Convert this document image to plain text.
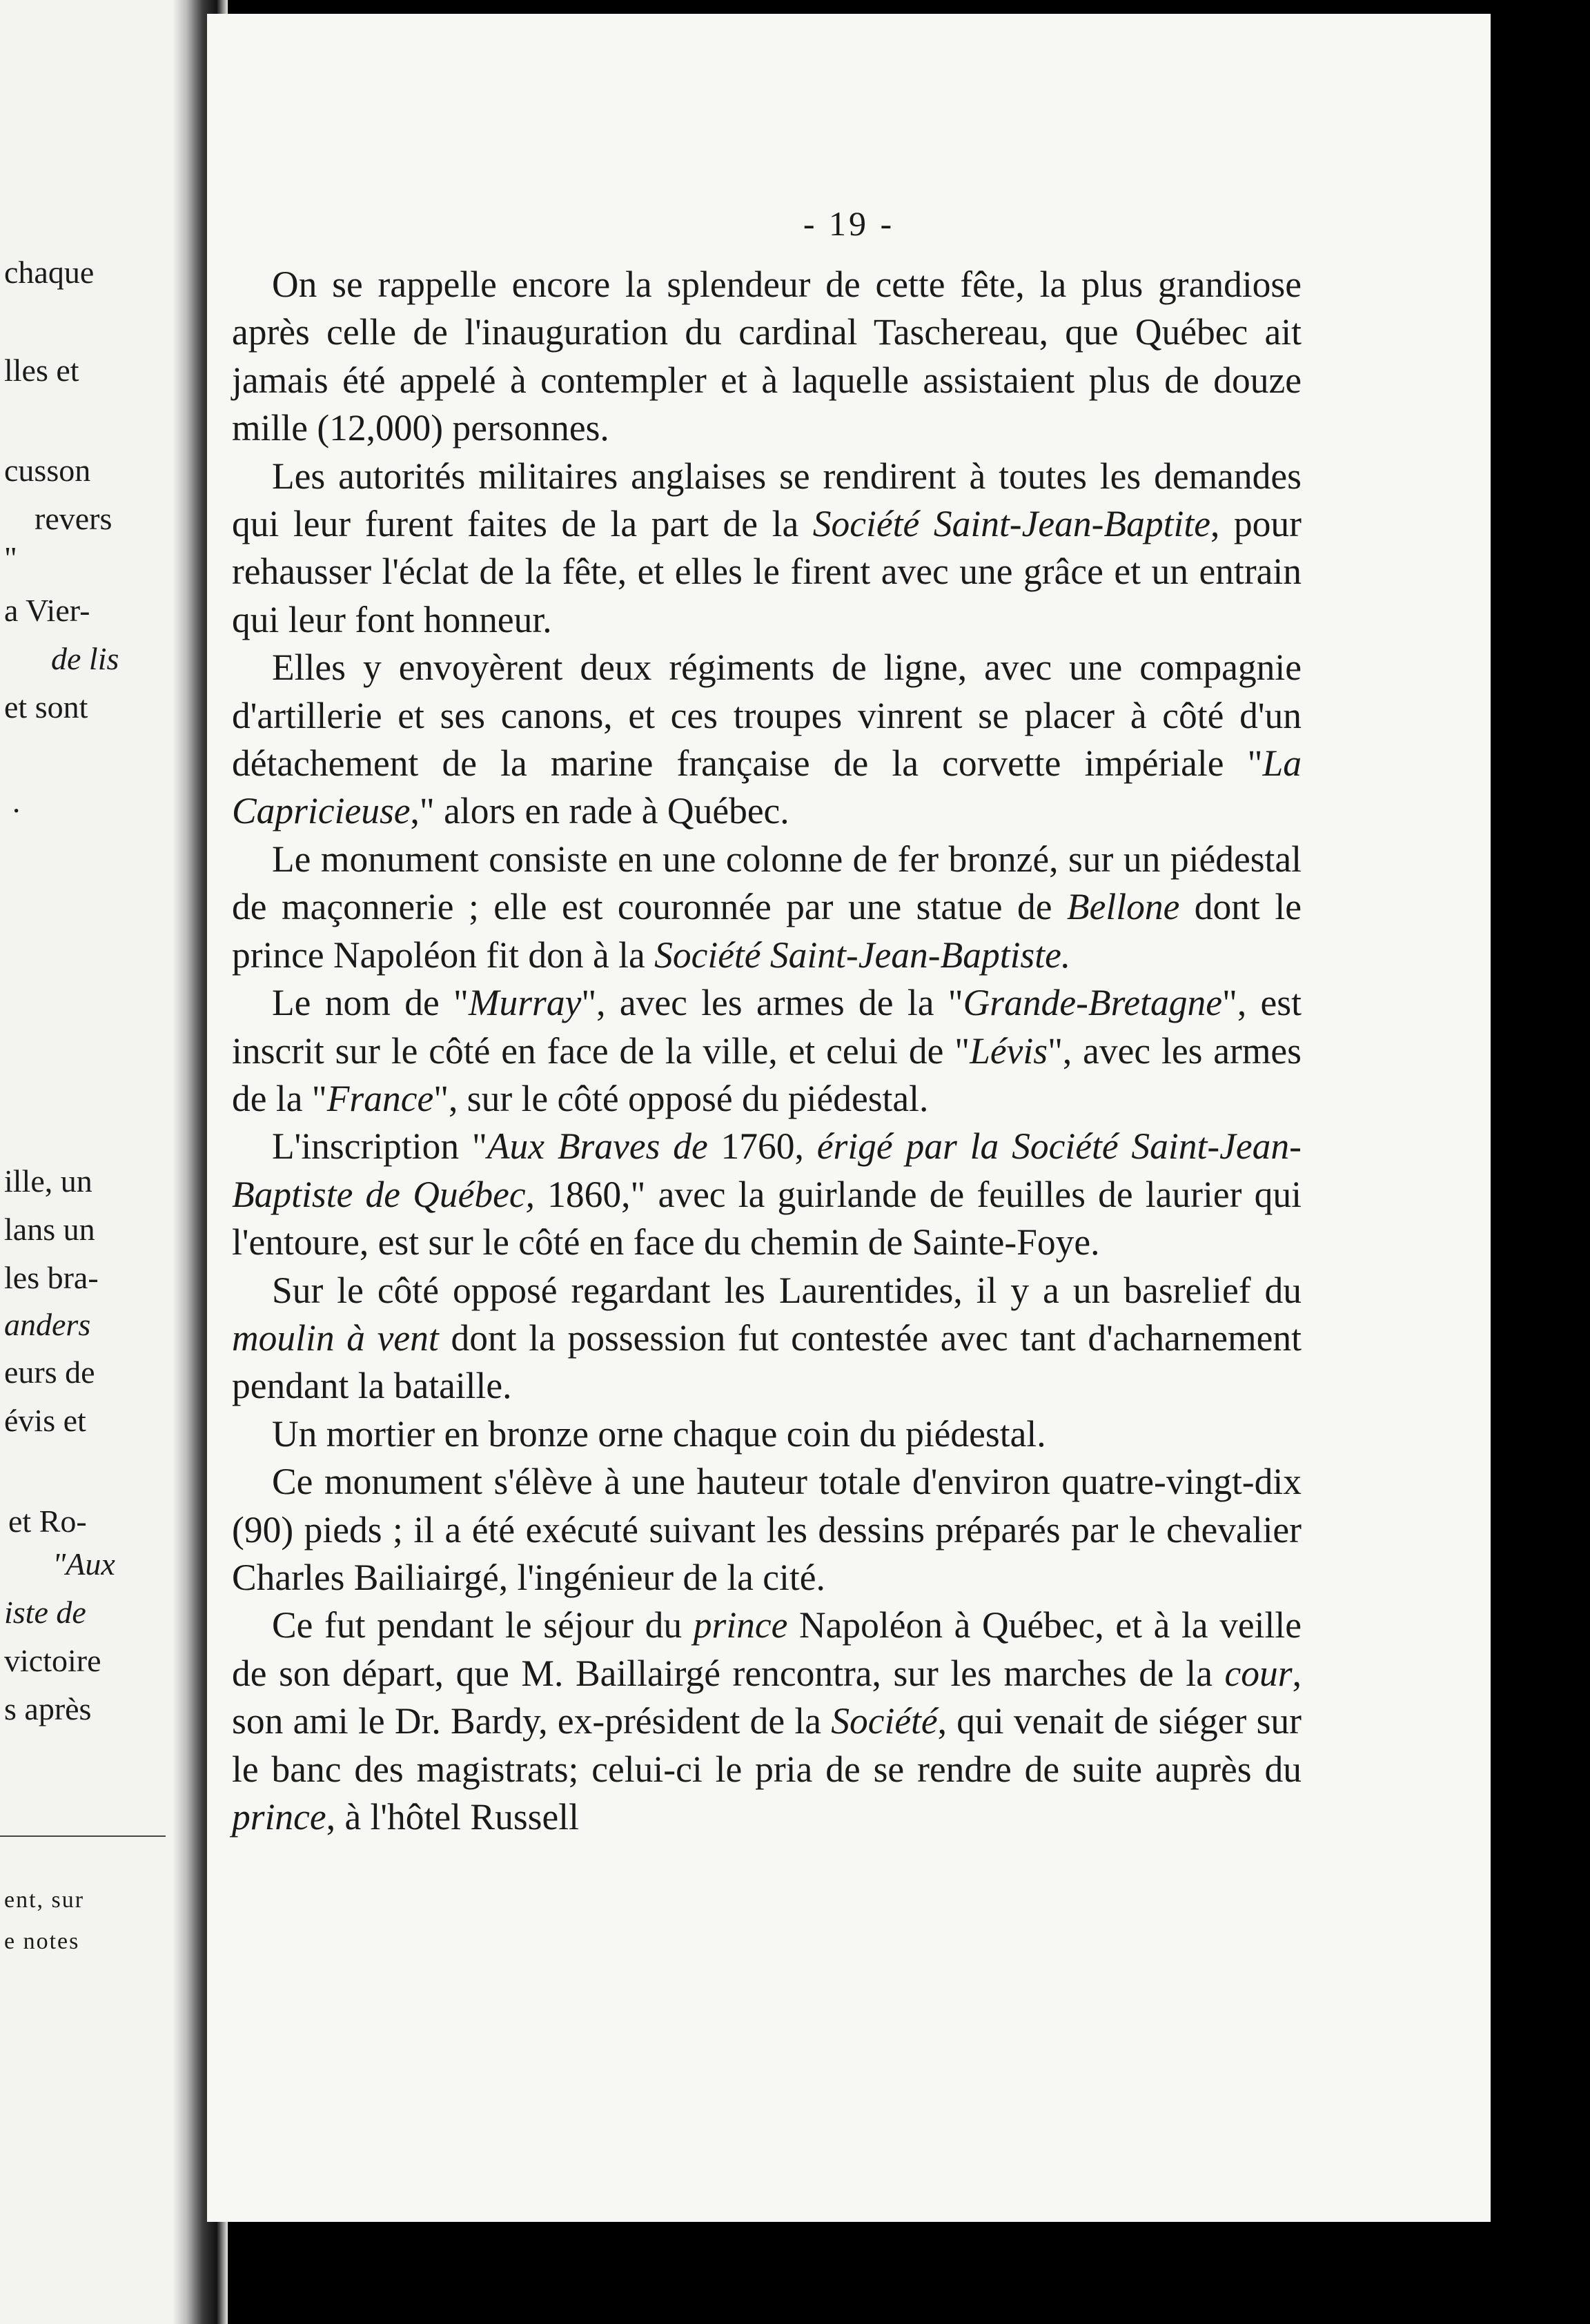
chaque
lles et
cusson
revers
"
a Vier-
de lis
et sont
·
ille, un
lans un
les bra-
anders
eurs de
évis et
et Ro-
"Aux
iste de
victoire
s après
ent, sur
e notes
- 19 -

On se rappelle encore la splendeur de cette fête, la plus grandiose après celle de l'inauguration du cardinal Taschereau, que Québec ait jamais été appelé à contempler et à laquelle assistaient plus de douze mille (12,000) personnes.

Les autorités militaires anglaises se rendirent à toutes les demandes qui leur furent faites de la part de la Société Saint-Jean-Baptite, pour rehausser l'éclat de la fête, et elles le firent avec une grâce et un entrain qui leur font honneur.

Elles y envoyèrent deux régiments de ligne, avec une compagnie d'artillerie et ses canons, et ces troupes vinrent se placer à côté d'un détachement de la marine française de la corvette impériale "La Capricieuse," alors en rade à Québec.

Le monument consiste en une colonne de fer bronzé, sur un piédestal de maçonnerie ; elle est couronnée par une statue de Bellone dont le prince Napoléon fit don à la Société Saint-Jean-Baptiste.

Le nom de "Murray", avec les armes de la "Grande-Bretagne", est inscrit sur le côté en face de la ville, et celui de "Lévis", avec les armes de la "France", sur le côté opposé du piédestal.

L'inscription "Aux Braves de 1760, érigé par la Société Saint-Jean-Baptiste de Québec, 1860," avec la guirlande de feuilles de laurier qui l'entoure, est sur le côté en face du chemin de Sainte-Foye.

Sur le côté opposé regardant les Laurentides, il y a un basrelief du moulin à vent dont la possession fut contestée avec tant d'acharnement pendant la bataille.

Un mortier en bronze orne chaque coin du piédestal.

Ce monument s'élève à une hauteur totale d'environ quatre-vingt-dix (90) pieds ; il a été exécuté suivant les dessins préparés par le chevalier Charles Bailiairgé, l'ingénieur de la cité.

Ce fut pendant le séjour du prince Napoléon à Québec, et à la veille de son départ, que M. Baillairgé rencontra, sur les marches de la cour, son ami le Dr. Bardy, ex-président de la Société, qui venait de siéger sur le banc des magistrats; celui-ci le pria de se rendre de suite auprès du prince, à l'hôtel Russell
